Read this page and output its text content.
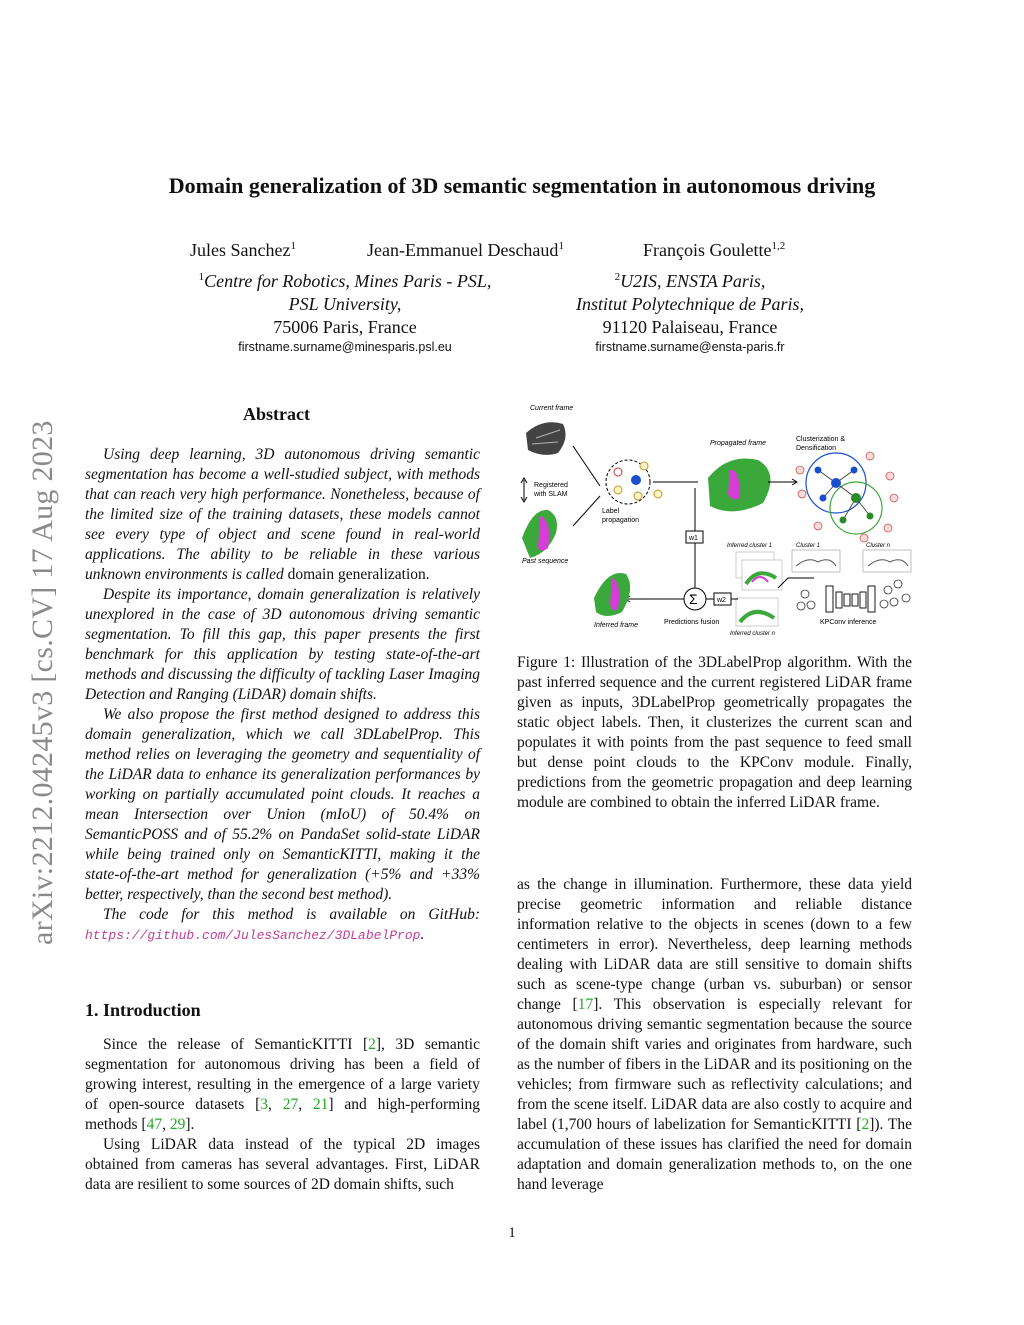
arXiv:2212.04245v3 [cs.CV] 17 Aug 2023
Domain generalization of 3D semantic segmentation in autonomous driving
Jules Sanchez$^1$	Jean-Emmanuel Deschaud$^1$	François Goulette$^{1,2}$
$^1$Centre for Robotics, Mines Paris - PSL,
PSL University,
75006 Paris, France
$^2$U2IS, ENSTA Paris,
Institut Polytechnique de Paris,
91120 Palaiseau, France
firstname.surname@minesparis.psl.eu	firstname.surname@ensta-paris.fr
Abstract

Using deep learning, 3D autonomous driving semantic segmentation has become a well-studied subject, with methods that can reach very high performance. Nonetheless, because of the limited size of the training datasets, these models cannot see every type of object and scene found in real-world applications. The ability to be reliable in these various unknown environments is called domain generalization.

Despite its importance, domain generalization is relatively unexplored in the case of 3D autonomous driving semantic segmentation. To fill this gap, this paper presents the first benchmark for this application by testing state-of-the-art methods and discussing the difficulty of tackling Laser Imaging Detection and Ranging (LiDAR) domain shifts.

We also propose the first method designed to address this domain generalization, which we call 3DLabelProp. This method relies on leveraging the geometry and sequentiality of the LiDAR data to enhance its generalization performances by working on partially accumulated point clouds. It reaches a mean Intersection over Union (mIoU) of 50.4% on SemanticPOSS and of 55.2% on PandaSet solid-state LiDAR while being trained only on SemanticKITTI, making it the state-of-the-art method for generalization (+5% and +33% better, respectively, than the second best method).

The code for this method is available on GitHub: https://github.com/JulesSanchez/3DLabelProp.

1. Introduction

Since the release of SemanticKITTI [2], 3D semantic segmentation for autonomous driving has been a field of growing interest, resulting in the emergence of a large variety of open-source datasets [3, 27, 21] and high-performing methods [47, 29].

Using LiDAR data instead of the typical 2D images obtained from cameras has several advantages. First, LiDAR data are resilient to some sources of 2D domain shifts, such

Current frame
Registered
with SLAM
Past sequence
Label
propagation
Propagated frame
Clusterization &
Densification
w1
Cluster 1	Cluster n
Inferred cluster 1
Inferred cluster n
KPConv inference
w2
Σ
Predictions fusion
Inferred frame
Figure 1: Illustration of the 3DLabelProp algorithm. With the past inferred sequence and the current registered LiDAR frame given as inputs, 3DLabelProp geometrically propagates the static object labels. Then, it clusterizes the current scan and populates it with points from the past sequence to feed small but dense point clouds to the KPConv module. Finally, predictions from the geometric propagation and deep learning module are combined to obtain the inferred LiDAR frame.

as the change in illumination. Furthermore, these data yield precise geometric information and reliable distance information relative to the objects in scenes (down to a few centimeters in error). Nevertheless, deep learning methods dealing with LiDAR data are still sensitive to domain shifts such as scene-type change (urban vs. suburban) or sensor change [17]. This observation is especially relevant for autonomous driving semantic segmentation because the source of the domain shift varies and originates from hardware, such as the number of fibers in the LiDAR and its positioning on the vehicles; from firmware such as reflectivity calculations; and from the scene itself. LiDAR data are also costly to acquire and label (1,700 hours of labelization for SemanticKITTI [2]). The accumulation of these issues has clarified the need for domain adaptation and domain generalization methods to, on the one hand leverage

1
